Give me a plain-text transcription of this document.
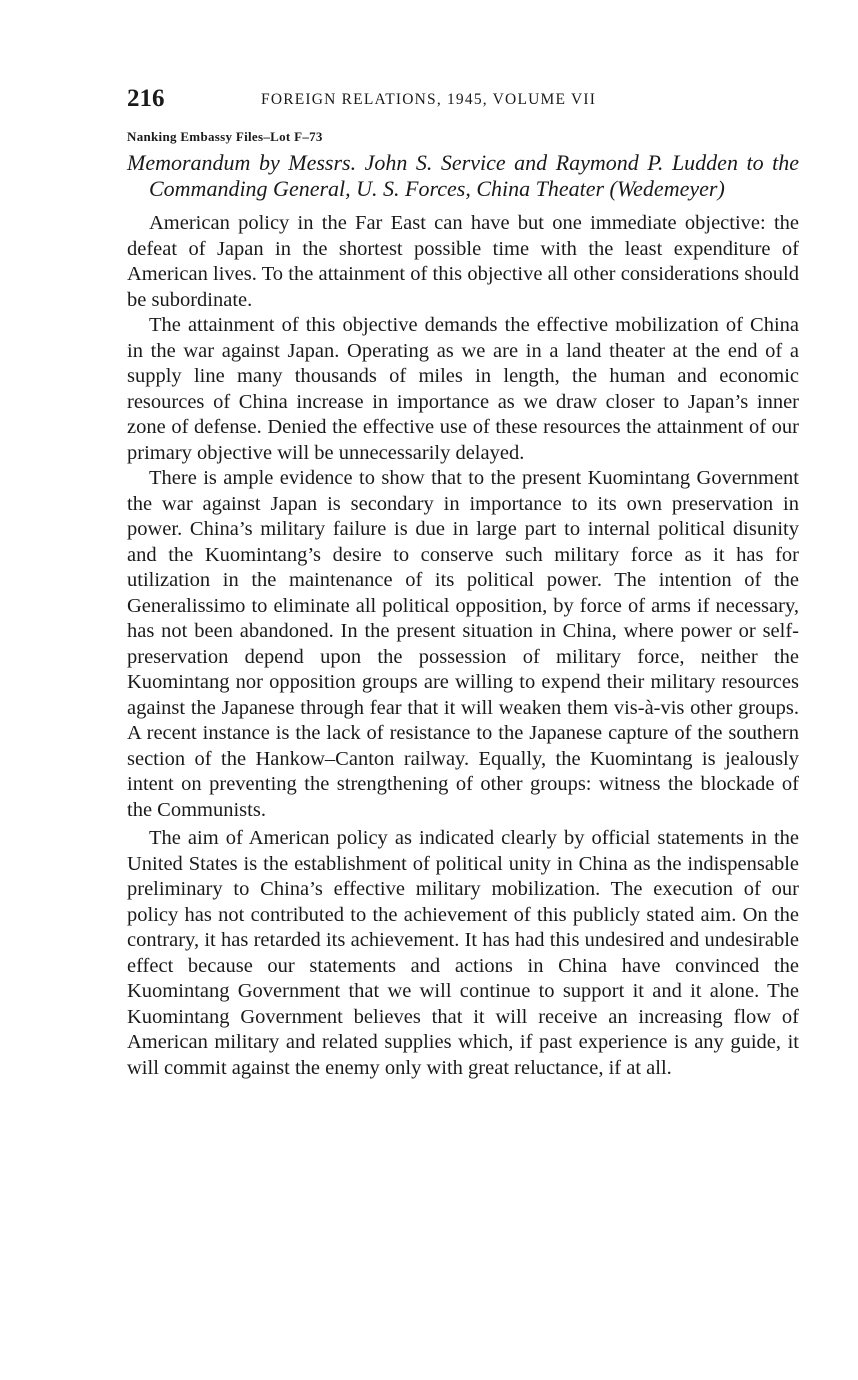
216	FOREIGN RELATIONS, 1945, VOLUME VII
Nanking Embassy Files–Lot F–73
Memorandum by Messrs. John S. Service and Raymond P. Ludden to the Commanding General, U. S. Forces, China Theater (Wedemeyer)

American policy in the Far East can have but one immediate objective: the defeat of Japan in the shortest possible time with the least expenditure of American lives. To the attainment of this objective all other considerations should be subordinate.

The attainment of this objective demands the effective mobilization of China in the war against Japan. Operating as we are in a land theater at the end of a supply line many thousands of miles in length, the human and economic resources of China increase in importance as we draw closer to Japan’s inner zone of defense. Denied the effective use of these resources the attainment of our primary objective will be unnecessarily delayed.

There is ample evidence to show that to the present Kuomintang Government the war against Japan is secondary in importance to its own preservation in power. China’s military failure is due in large part to internal political disunity and the Kuomintang’s desire to conserve such military force as it has for utilization in the maintenance of its political power. The intention of the Generalissimo to eliminate all political opposition, by force of arms if necessary, has not been abandoned. In the present situation in China, where power or self-preservation depend upon the possession of military force, neither the Kuomintang nor opposition groups are willing to expend their military resources against the Japanese through fear that it will weaken them vis-à-vis other groups. A recent instance is the lack of resistance to the Japanese capture of the southern section of the Hankow–Canton railway. Equally, the Kuomintang is jealously intent on preventing the strengthening of other groups: witness the blockade of the Communists.

The aim of American policy as indicated clearly by official statements in the United States is the establishment of political unity in China as the indispensable preliminary to China’s effective military mobilization. The execution of our policy has not contributed to the achievement of this publicly stated aim. On the contrary, it has retarded its achievement. It has had this undesired and undesirable effect because our statements and actions in China have convinced the Kuomintang Government that we will continue to support it and it alone. The Kuomintang Government believes that it will receive an increasing flow of American military and related supplies which, if past experience is any guide, it will commit against the enemy only with great reluctance, if at all.
